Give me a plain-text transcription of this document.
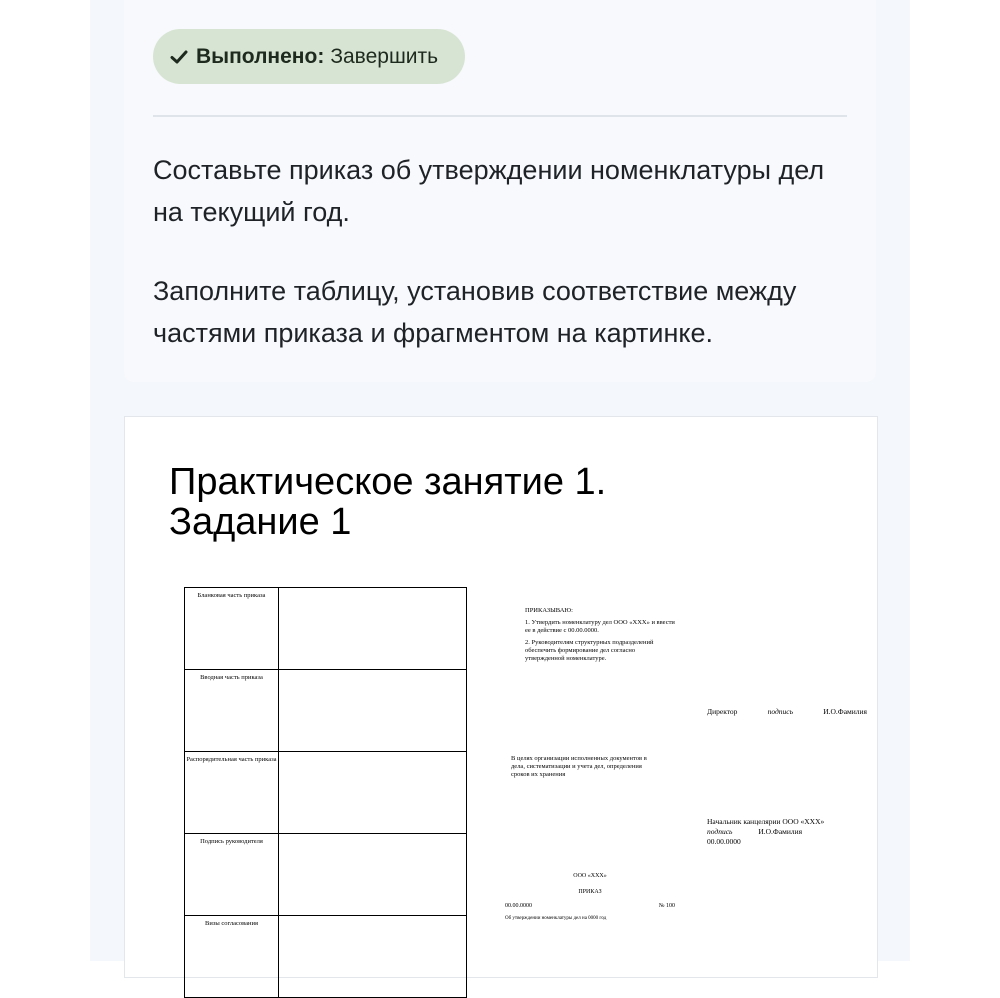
Выполнено : Завершить
Составьте приказ об утверждении номенклатуры дел на текущий год.
Заполните таблицу, установив соответствие между частями приказа и фрагментом на картинке.
Практическое занятие 1.
Задание 1
Бланковая часть приказа	
Вводная часть приказа	
Распорядительная часть приказа	
Подпись руководителя	
Визы согласования	

ПРИКАЗЫВАЮ:

1. Утвердить номенклатуру дел ООО «ХХХ» и ввести ее в действие с 00.00.0000.

2. Руководителям структурных подразделений обеспечить формирование дел согласно утвержденной номенклатуре.

Директор	подпись	И.О.Фамилия
В целях организации исполненных документов в дела, систематизации и учета дел, определения сроков их хранения
Начальник канцелярии ООО «ХХХ»
подпись	И.О.Фамилия
00.00.0000
ООО «ХХХ»
ПРИКАЗ
00.00.0000	№ 100
Об утверждении номенклатуры дел на 0000 год
